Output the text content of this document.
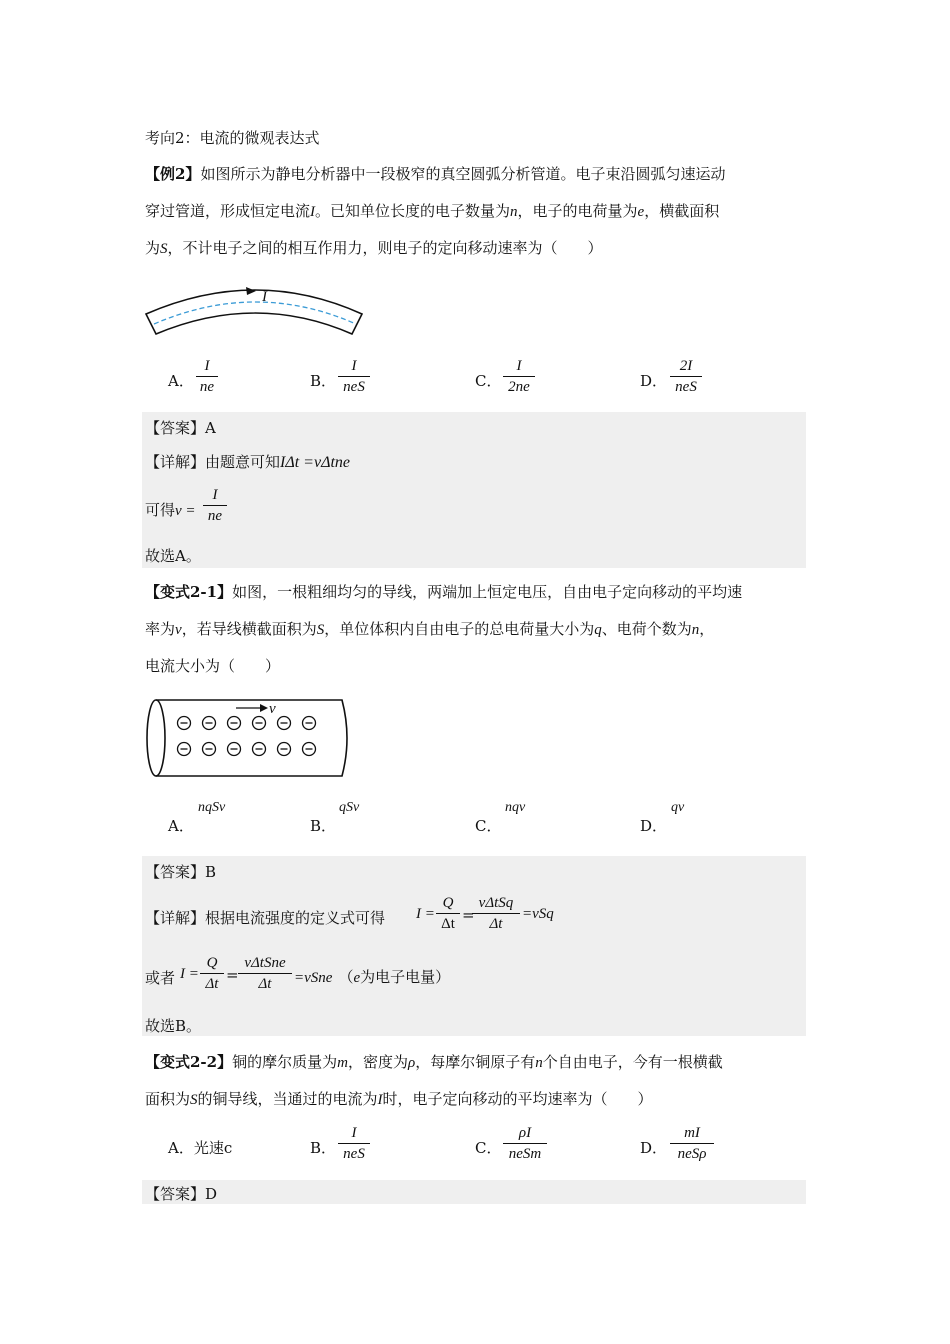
考向2：电流的微观表达式
【例2】如图所示为静电分析器中一段极窄的真空圆弧分析管道。电子束沿圆弧匀速运动
穿过管道，形成恒定电流I。已知单位长度的电子数量为n，电子的电荷量为e，横截面积
为S，不计电子之间的相互作用力，则电子的定向移动速率为（　　）
I
A．
I
ne	B．
I
neS	C．
I
2ne	D．
2I
neS
【答案】A
【详解】由题意可知IΔt =vΔtne
可得v =
I
ne
故选A。
【变式2-1】如图，一根粗细均匀的导线，两端加上恒定电压，自由电子定向移动的平均速
率为v，若导线横截面积为S，单位体积内自由电子的总电荷量大小为q、电荷个数为n，
电流大小为（　　）
v
A．
nqSv
B．
qSv
C．
nqv
D．
qv
【答案】B
【详解】根据电流强度的定义式可得 I =
Q
Δt =
vΔtSq
Δt
=vSq
或者 I =
Q
Δt =
vΔtSne
Δt	=vSne （e为电子电量）
故选B。
【变式2-2】铜的摩尔质量为m，密度为ρ，每摩尔铜原子有n个自由电子，今有一根横截
面积为S的铜导线，当通过的电流为I时，电子定向移动的平均速率为（　　）
A．光速c	B．
I
neS	C．
ρI
neSm	D．
mI
neSρ
【答案】D
